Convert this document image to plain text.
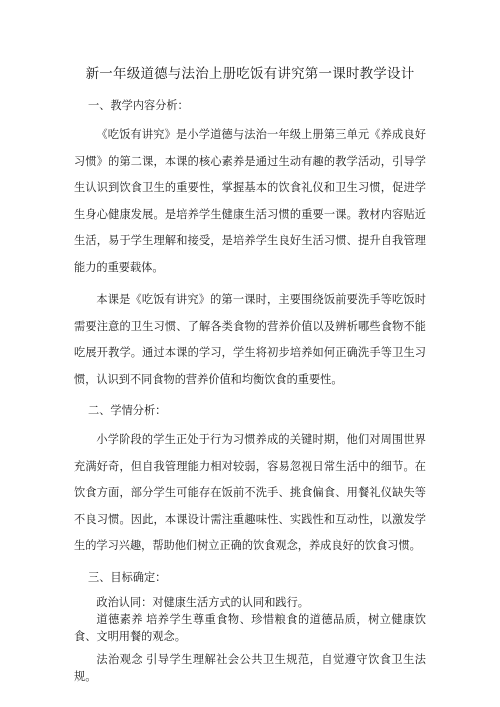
新一年级道德与法治上册吃饭有讲究第一课时教学设计
一、教学内容分析：

《吃饭有讲究》是小学道德与法治一年级上册第三单元《养成良好习惯》的第二课，本课的核心素养是通过生动有趣的教学活动，引导学生认识到饮食卫生的重要性，掌握基本的饮食礼仪和卫生习惯，促进学生身心健康发展。是培养学生健康生活习惯的重要一课。教材内容贴近生活，易于学生理解和接受，是培养学生良好生活习惯、提升自我管理能力的重要载体。

本课是《吃饭有讲究》的第一课时，主要围绕饭前要洗手等吃饭时需要注意的卫生习惯、了解各类食物的营养价值以及辨析哪些食物不能吃展开教学。通过本课的学习，学生将初步培养如何正确洗手等卫生习惯，认识到不同食物的营养价值和均衡饮食的重要性。

二、学情分析：

小学阶段的学生正处于行为习惯养成的关键时期，他们对周围世界充满好奇，但自我管理能力相对较弱，容易忽视日常生活中的细节。在饮食方面，部分学生可能存在饭前不洗手、挑食偏食、用餐礼仪缺失等不良习惯。因此，本课设计需注重趣味性、实践性和互动性，以激发学生的学习兴趣，帮助他们树立正确的饮食观念，养成良好的饮食习惯。

三、目标确定：

政治认同：对健康生活方式的认同和践行。

道德素养 培养学生尊重食物、珍惜粮食的道德品质，树立健康饮食、文明用餐的观念。

法治观念 引导学生理解社会公共卫生规范，自觉遵守饮食卫生法规。
